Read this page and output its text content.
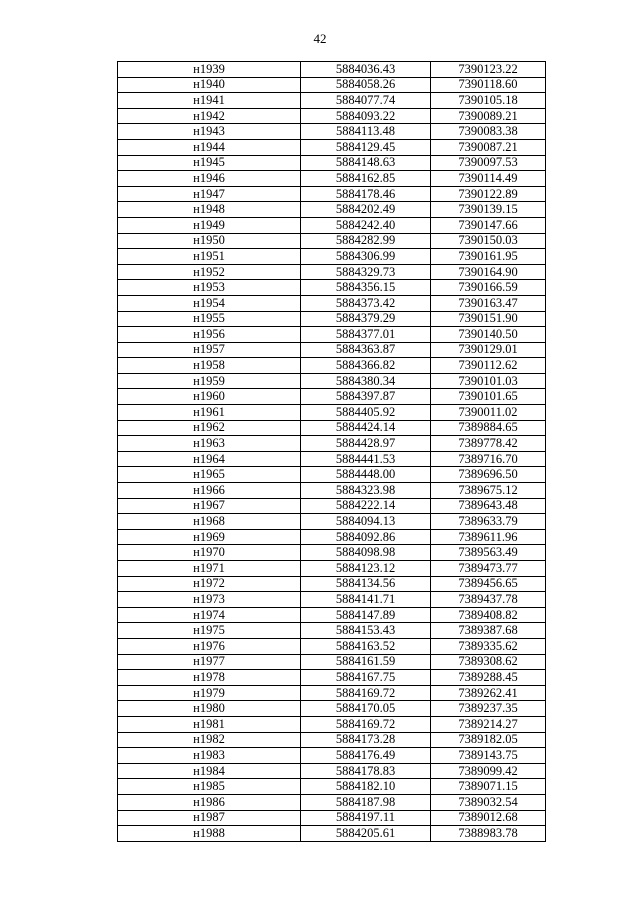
42
н1939	5884036.43	7390123.22
н1940	5884058.26	7390118.60
н1941	5884077.74	7390105.18
н1942	5884093.22	7390089.21
н1943	5884113.48	7390083.38
н1944	5884129.45	7390087.21
н1945	5884148.63	7390097.53
н1946	5884162.85	7390114.49
н1947	5884178.46	7390122.89
н1948	5884202.49	7390139.15
н1949	5884242.40	7390147.66
н1950	5884282.99	7390150.03
н1951	5884306.99	7390161.95
н1952	5884329.73	7390164.90
н1953	5884356.15	7390166.59
н1954	5884373.42	7390163.47
н1955	5884379.29	7390151.90
н1956	5884377.01	7390140.50
н1957	5884363.87	7390129.01
н1958	5884366.82	7390112.62
н1959	5884380.34	7390101.03
н1960	5884397.87	7390101.65
н1961	5884405.92	7390011.02
н1962	5884424.14	7389884.65
н1963	5884428.97	7389778.42
н1964	5884441.53	7389716.70
н1965	5884448.00	7389696.50
н1966	5884323.98	7389675.12
н1967	5884222.14	7389643.48
н1968	5884094.13	7389633.79
н1969	5884092.86	7389611.96
н1970	5884098.98	7389563.49
н1971	5884123.12	7389473.77
н1972	5884134.56	7389456.65
н1973	5884141.71	7389437.78
н1974	5884147.89	7389408.82
н1975	5884153.43	7389387.68
н1976	5884163.52	7389335.62
н1977	5884161.59	7389308.62
н1978	5884167.75	7389288.45
н1979	5884169.72	7389262.41
н1980	5884170.05	7389237.35
н1981	5884169.72	7389214.27
н1982	5884173.28	7389182.05
н1983	5884176.49	7389143.75
н1984	5884178.83	7389099.42
н1985	5884182.10	7389071.15
н1986	5884187.98	7389032.54
н1987	5884197.11	7389012.68
н1988	5884205.61	7388983.78
